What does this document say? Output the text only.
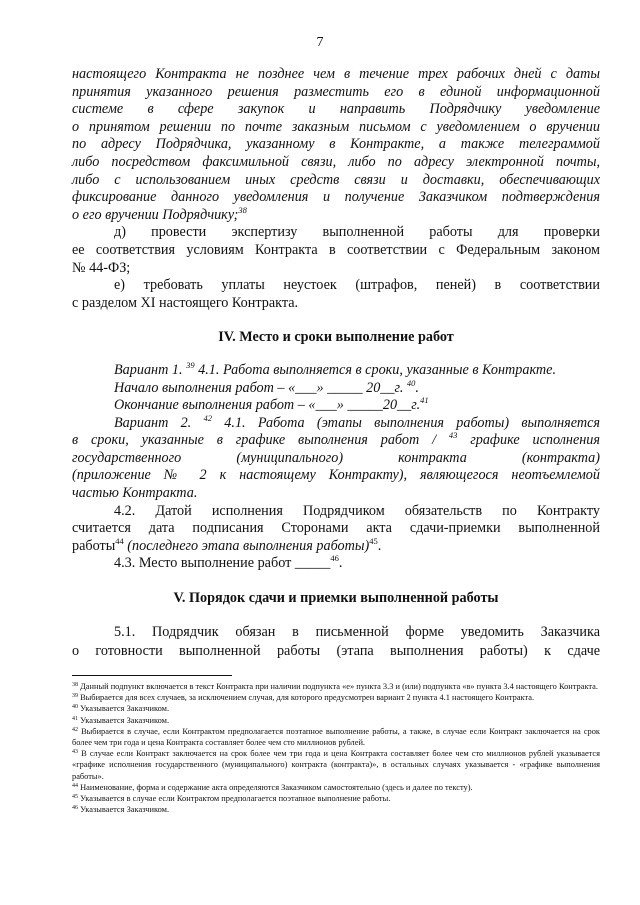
7

настоящего Контракта не позднее чем в течение трех рабочих дней с даты

принятия указанного решения разместить его в единой информационной

системе в сфере закупок и направить Подрядчику уведомление

о принятом решении по почте заказным письмом с уведомлением о вручении

по адресу Подрядчика, указанному в Контракте, а также телеграммой

либо посредством факсимильной связи, либо по адресу электронной почты,

либо с использованием иных средств связи и доставки, обеспечивающих

фиксирование данного уведомления и получение Заказчиком подтверждения

о его вручении Подрядчику;$^{38}$

д) провести экспертизу выполненной работы для проверки

ее соответствия условиям Контракта в соответствии с Федеральным законом

№ 44-ФЗ;

е) требовать уплаты неустоек (штрафов, пеней) в соответствии

с разделом XI настоящего Контракта.

IV. Место и сроки выполнение работ

Вариант 1. $^{39}$ 4.1. Работа выполняется в сроки, указанные в Контракте.

Начало выполнения работ – «___» _____ 20__г. $^{40}$.

Окончание выполнения работ – «___» _____20__г.$^{41}$

Вариант 2. $^{42}$ 4.1. Работа (этапы выполнения работы) выполняется

в сроки, указанные в графике выполнения работ / $^{43}$ графике исполнения

государственного (муниципального) контракта (контракта)

(приложение № 2 к настоящему Контракту), являющегося неотъемлемой

частью Контракта.

4.2. Датой исполнения Подрядчиком обязательств по Контракту

считается дата подписания Сторонами акта сдачи-приемки выполненной

работы$^{44}$ (последнего этапа выполнения работы)$^{45}$.

4.3. Место выполнение работ _____$^{46}$.

V. Порядок сдачи и приемки выполненной работы

5.1. Подрядчик обязан в письменной форме уведомить Заказчика

о готовности выполненной работы (этапа выполнения работы) к сдаче

$^{38}$ Данный подпункт включается в текст Контракта при наличии подпункта «е» пункта 3.3 и (или) подпункта «в» пункта 3.4 настоящего Контракта.

$^{39}$ Выбирается для всех случаев, за исключением случая, для которого предусмотрен вариант 2 пункта 4.1 настоящего Контракта.

$^{40}$ Указывается Заказчиком.

$^{41}$ Указывается Заказчиком.

$^{42}$ Выбирается в случае, если Контрактом предполагается поэтапное выполнение работы, а также, в случае если Контракт заключается на срок более чем три года и цена Контракта составляет более чем сто миллионов рублей.

$^{43}$ В случае если Контракт заключается на срок более чем три года и цена Контракта составляет более чем сто миллионов рублей указывается «графике исполнения государственного (муниципального) контракта (контракта)», в остальных случаях указывается - «графике выполнения работы».

$^{44}$ Наименование, форма и содержание акта определяются Заказчиком самостоятельно (здесь и далее по тексту).

$^{45}$ Указывается в случае если Контрактом предполагается поэтапное выполнение работы.

$^{46}$ Указывается Заказчиком.
